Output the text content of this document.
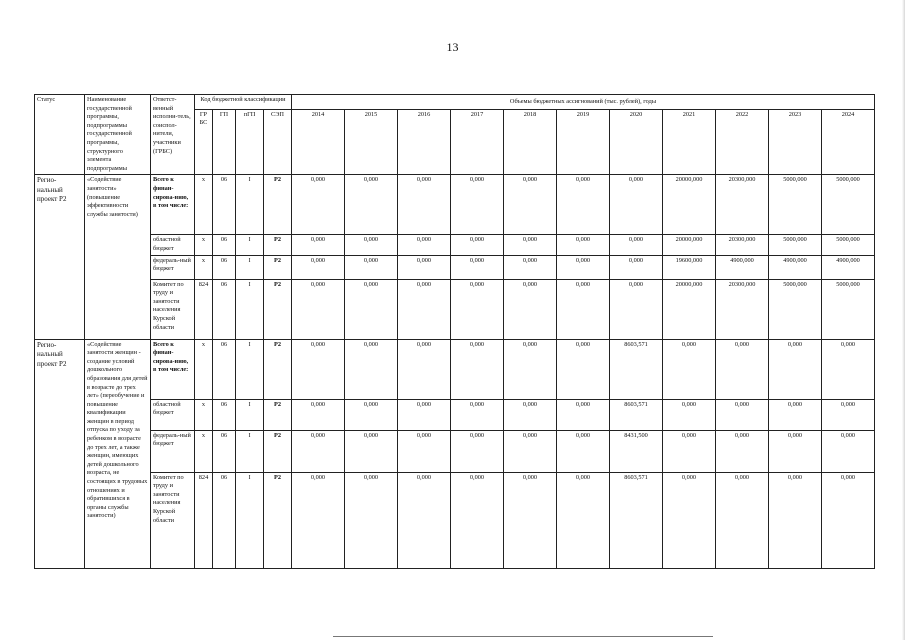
13
Статус	Наименование государственной программы, подпрограммы государственной программы, структурного элемента подпрограммы	Ответст-венный исполни-тель, соиспол-нители, участники (ГРБС)	Код бюджетной классификации				Объемы бюджетных ассигнований (тыс. рублей), годы										
			ГР БС	ГП	пГП	СЭП	2014	2015	2016	2017	2018	2019	2020	2021	2022	2023	2024
Регио-нальный проект Р2	«Содействие занятости» (повышение эффективности службы занятости)	Всего к финан-сирова-нию, в том числе:	x	06	I	Р2	0,000	0,000	0,000	0,000	0,000	0,000	0,000	20000,000	20300,000	5000,000	5000,000
		областной бюджет	x	06	I	Р2	0,000	0,000	0,000	0,000	0,000	0,000	0,000	20000,000	20300,000	5000,000	5000,000
		федераль-ный бюджет	x	06	I	Р2	0,000	0,000	0,000	0,000	0,000	0,000	0,000	19600,000	4900,000	4900,000	4900,000
		Комитет по труду и занятости населения Курской области	824	06	I	Р2	0,000	0,000	0,000	0,000	0,000	0,000	0,000	20000,000	20300,000	5000,000	5000,000
Регио-нальный проект Р2	«Содействие занятости женщин - создание условий дошкольного образования для детей в возрасте до трех лет» (переобучение и повышение квалификации женщин в период отпуска по уходу за ребенком в возрасте до трех лет, а также женщин, имеющих детей дошкольного возраста, не состоящих в трудовых отношениях и обратившихся в органы службы занятости)	Всего к финан-сирова-нию, в том числе:	x	06	I	Р2	0,000	0,000	0,000	0,000	0,000	0,000	8603,571	0,000	0,000	0,000	0,000
		областной бюджет	x	06	I	Р2	0,000	0,000	0,000	0,000	0,000	0,000	8603,571	0,000	0,000	0,000	0,000
		федераль-ный бюджет	x	06	I	Р2	0,000	0,000	0,000	0,000	0,000	0,000	8431,500	0,000	0,000	0,000	0,000
		Комитет по труду и занятости населения Курской области	824	06	I	Р2	0,000	0,000	0,000	0,000	0,000	0,000	8603,571	0,000	0,000	0,000	0,000
